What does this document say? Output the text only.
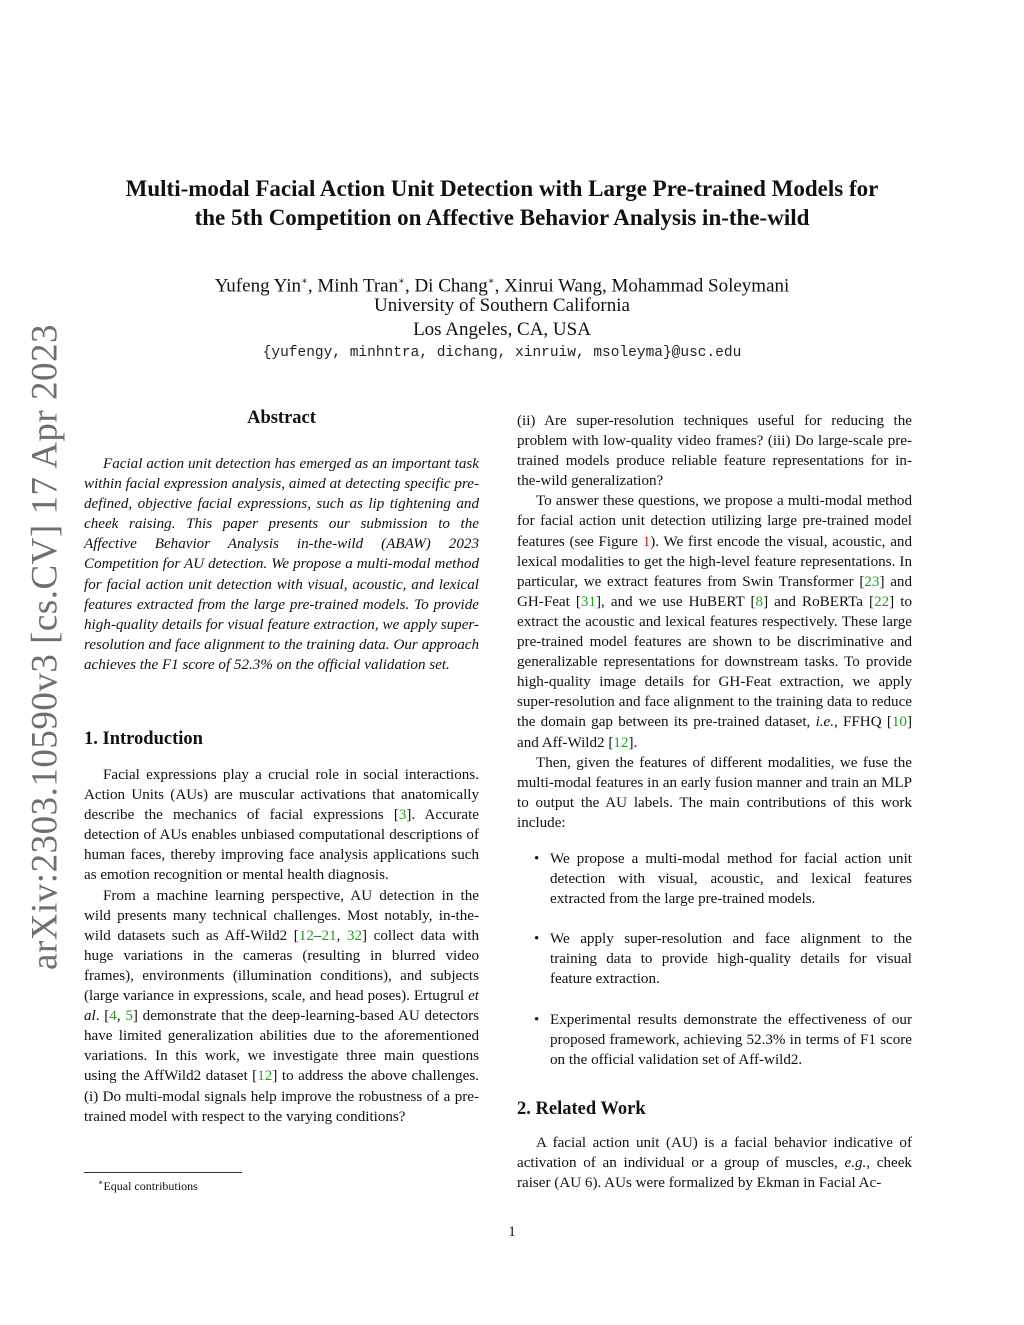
arXiv:2303.10590v3 [cs.CV] 17 Apr 2023
Multi-modal Facial Action Unit Detection with Large Pre-trained Models for
the 5th Competition on Affective Behavior Analysis in-the-wild
Yufeng Yin∗, Minh Tran∗, Di Chang∗, Xinrui Wang, Mohammad Soleymani
University of Southern California
Los Angeles, CA, USA
{yufengy, minhntra, dichang, xinruiw, msoleyma}@usc.edu
Abstract

Facial action unit detection has emerged as an important task within facial expression analysis, aimed at detecting specific pre-defined, objective facial expressions, such as lip tightening and cheek raising. This paper presents our submission to the Affective Behavior Analysis in-the-wild (ABAW) 2023 Competition for AU detection. We propose a multi-modal method for facial action unit detection with visual, acoustic, and lexical features extracted from the large pre-trained models. To provide high-quality details for visual feature extraction, we apply super-resolution and face alignment to the training data. Our approach achieves the F1 score of 52.3% on the official validation set.

1. Introduction

Facial expressions play a crucial role in social interactions. Action Units (AUs) are muscular activations that anatomically describe the mechanics of facial expressions [3]. Accurate detection of AUs enables unbiased computational descriptions of human faces, thereby improving face analysis applications such as emotion recognition or mental health diagnosis.

From a machine learning perspective, AU detection in the wild presents many technical challenges. Most notably, in-the-wild datasets such as Aff-Wild2 [12–21, 32] collect data with huge variations in the cameras (resulting in blurred video frames), environments (illumination conditions), and subjects (large variance in expressions, scale, and head poses). Ertugrul et al. [4, 5] demonstrate that the deep-learning-based AU detectors have limited generalization abilities due to the aforementioned variations. In this work, we investigate three main questions using the AffWild2 dataset [12] to address the above challenges. (i) Do multi-modal signals help improve the robustness of a pre-trained model with respect to the varying conditions?

(ii) Are super-resolution techniques useful for reducing the problem with low-quality video frames? (iii) Do large-scale pre-trained models produce reliable feature representations for in-the-wild generalization?

To answer these questions, we propose a multi-modal method for facial action unit detection utilizing large pre-trained model features (see Figure 1). We first encode the visual, acoustic, and lexical modalities to get the high-level feature representations. In particular, we extract features from Swin Transformer [23] and GH-Feat [31], and we use HuBERT [8] and RoBERTa [22] to extract the acoustic and lexical features respectively. These large pre-trained model features are shown to be discriminative and generalizable representations for downstream tasks. To provide high-quality image details for GH-Feat extraction, we apply super-resolution and face alignment to the training data to reduce the domain gap between its pre-trained dataset, i.e., FFHQ [10] and Aff-Wild2 [12].

Then, given the features of different modalities, we fuse the multi-modal features in an early fusion manner and train an MLP to output the AU labels. The main contributions of this work include:

• We propose a multi-modal method for facial action unit detection with visual, acoustic, and lexical features extracted from the large pre-trained models.
• We apply super-resolution and face alignment to the training data to provide high-quality details for visual feature extraction.
• Experimental results demonstrate the effectiveness of our proposed framework, achieving 52.3% in terms of F1 score on the official validation set of Aff-wild2.
2. Related Work

A facial action unit (AU) is a facial behavior indicative of activation of an individual or a group of muscles, e.g., cheek raiser (AU 6). AUs were formalized by Ekman in Facial Ac-

∗Equal contributions
1
